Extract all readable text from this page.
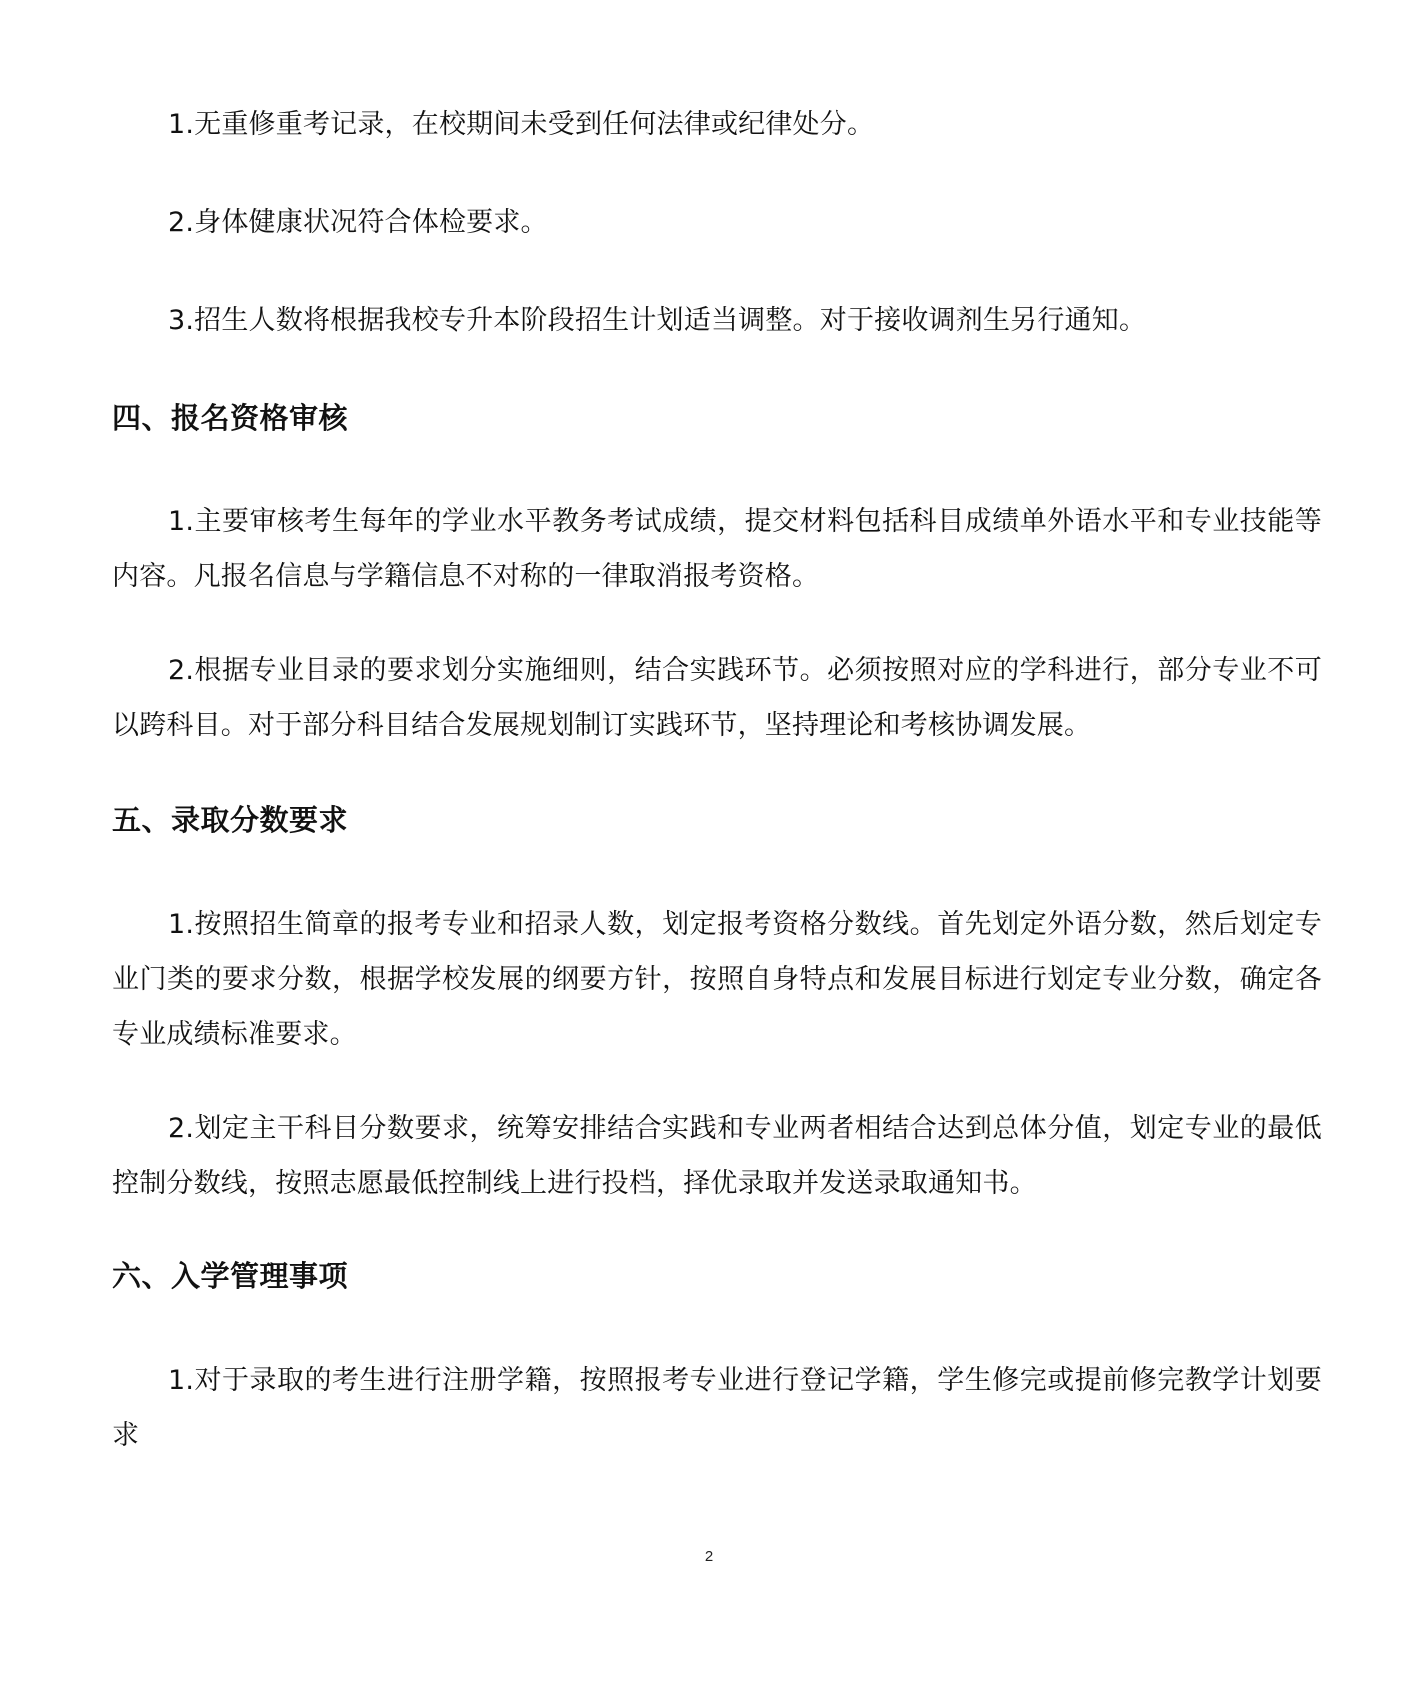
1.无重修重考记录，在校期间未受到任何法律或纪律处分。

2.身体健康状况符合体检要求。

3.招生人数将根据我校专升本阶段招生计划适当调整。对于接收调剂生另行通知。

四、报名资格审核

1.主要审核考生每年的学业水平教务考试成绩，提交材料包括科目成绩单外语水平和专业技能等内容。凡报名信息与学籍信息不对称的一律取消报考资格。

2.根据专业目录的要求划分实施细则，结合实践环节。必须按照对应的学科进行，部分专业不可以跨科目。对于部分科目结合发展规划制订实践环节，坚持理论和考核协调发展。

五、录取分数要求

1.按照招生简章的报考专业和招录人数，划定报考资格分数线。首先划定外语分数，然后划定专业门类的要求分数，根据学校发展的纲要方针，按照自身特点和发展目标进行划定专业分数，确定各专业成绩标准要求。

2.划定主干科目分数要求，统筹安排结合实践和专业两者相结合达到总体分值，划定专业的最低控制分数线，按照志愿最低控制线上进行投档，择优录取并发送录取通知书。

六、入学管理事项

1.对于录取的考生进行注册学籍，按照报考专业进行登记学籍，学生修完或提前修完教学计划要求

2
